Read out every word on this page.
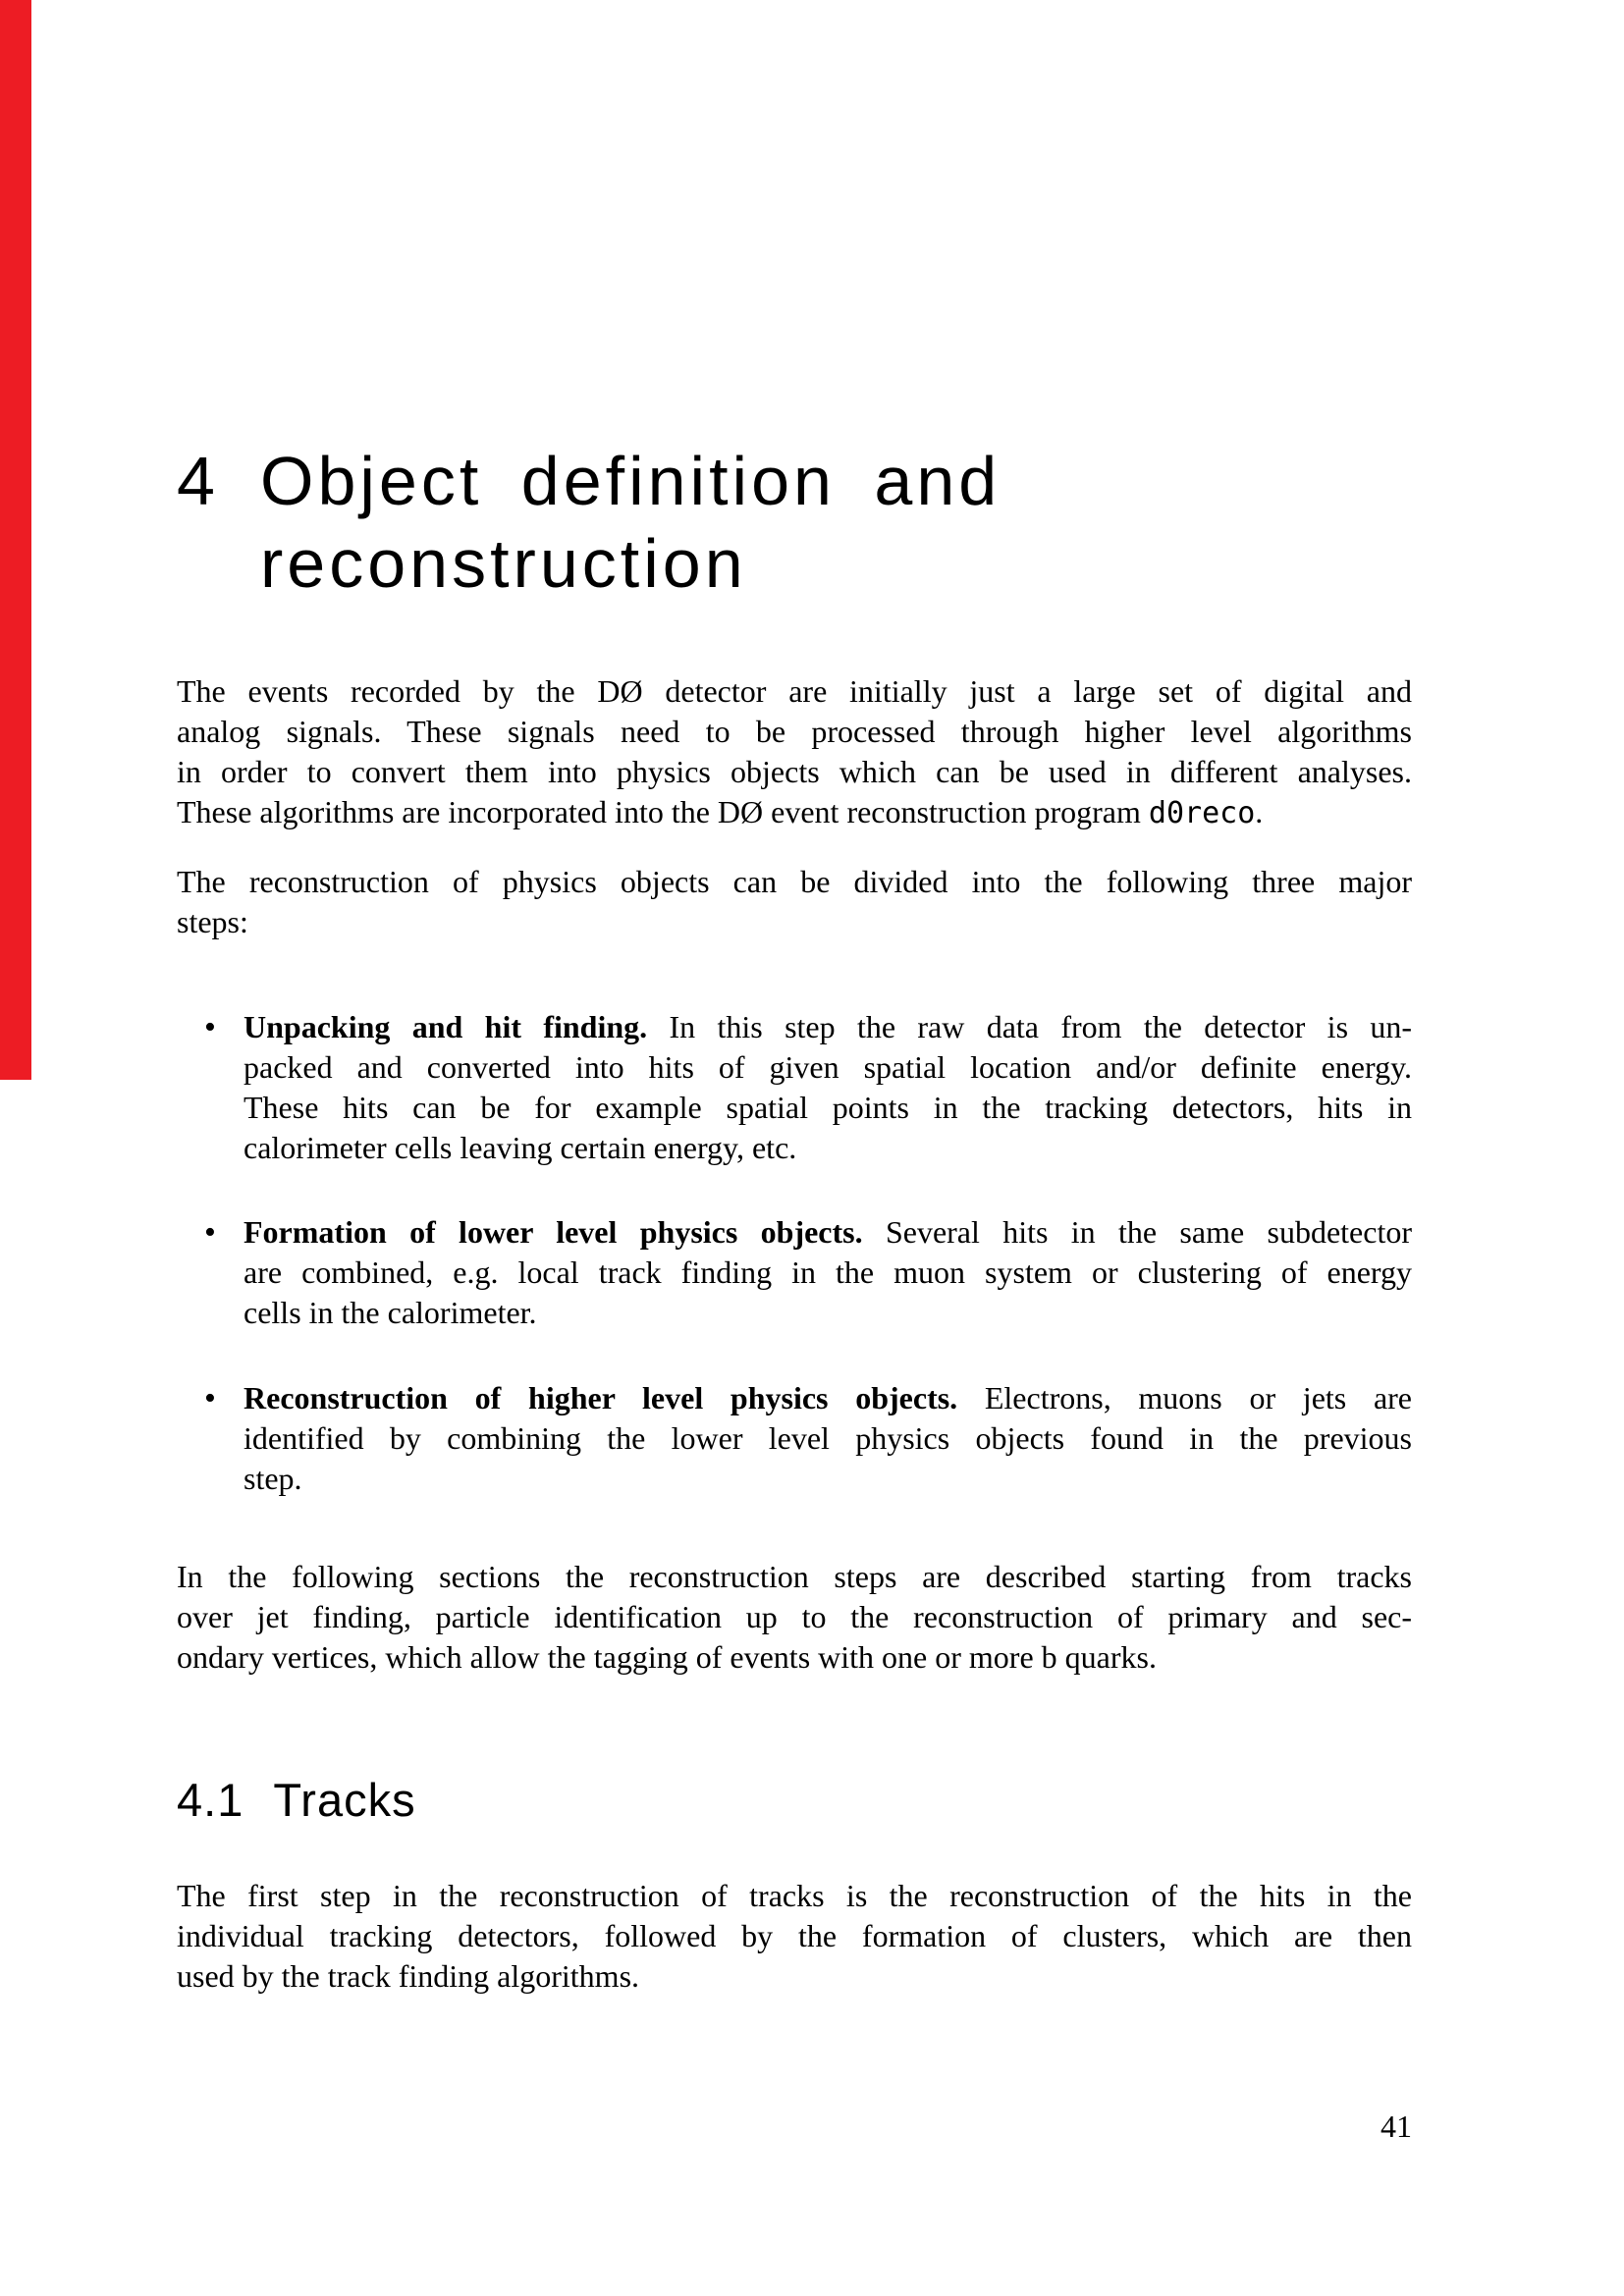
4 Object definition and
reconstruction
The events recorded by the DØ detector are initially just a large set of digital and
analog signals. These signals need to be processed through higher level algorithms
in order to convert them into physics objects which can be used in different analyses.
These algorithms are incorporated into the DØ event reconstruction program d0reco.
The reconstruction of physics objects can be divided into the following three major
steps:
• Unpacking and hit finding. In this step the raw data from the detector is un-
packed and converted into hits of given spatial location and/or definite energy.
These hits can be for example spatial points in the tracking detectors, hits in
calorimeter cells leaving certain energy, etc.
• Formation of lower level physics objects. Several hits in the same subdetector
are combined, e.g. local track finding in the muon system or clustering of energy
cells in the calorimeter.
• Reconstruction of higher level physics objects. Electrons, muons or jets are
identified by combining the lower level physics objects found in the previous
step.
In the following sections the reconstruction steps are described starting from tracks
over jet finding, particle identification up to the reconstruction of primary and sec-
ondary vertices, which allow the tagging of events with one or more b quarks.
4.1 Tracks
The first step in the reconstruction of tracks is the reconstruction of the hits in the
individual tracking detectors, followed by the formation of clusters, which are then
used by the track finding algorithms.
41
